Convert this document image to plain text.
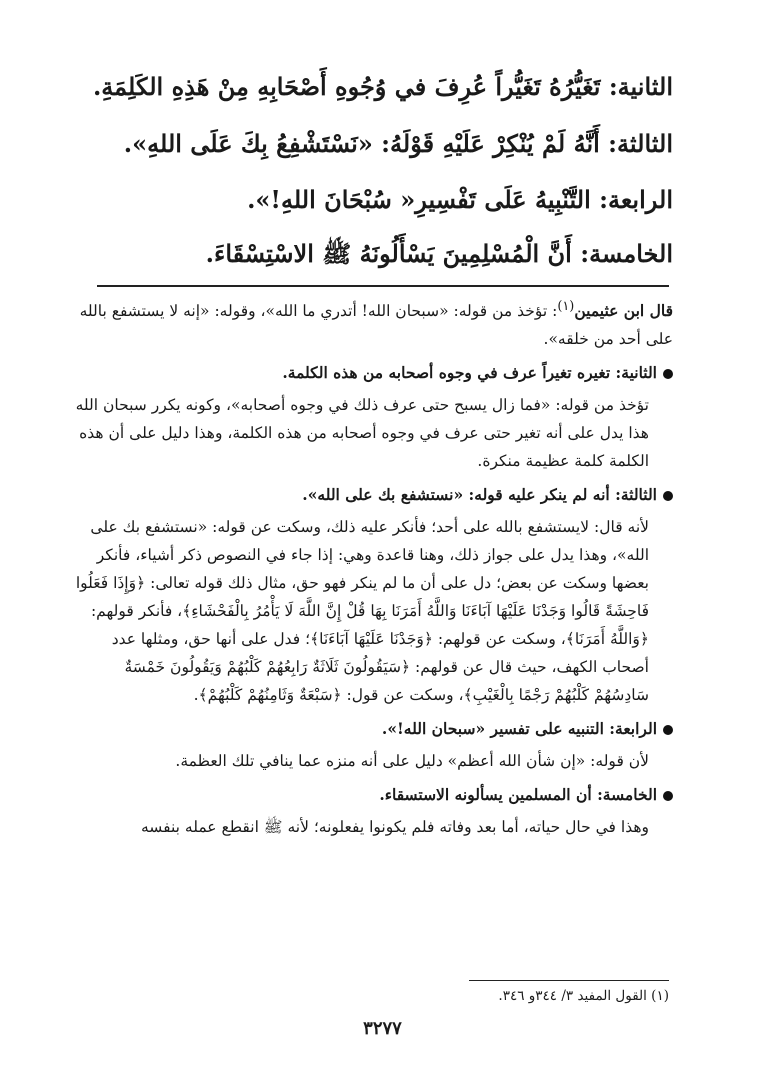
الثانية: تَغَيُّرُهُ تَغَيُّراً عُرِفَ في وُجُوهِ أَصْحَابِهِ مِنْ هَذِهِ الكَلِمَةِ.
الثالثة: أَنَّهُ لَمْ يُنْكِرْ عَلَيْهِ قَوْلَهُ: «نَسْتَشْفِعُ بِكَ عَلَى اللهِ».
الرابعة: التَّنْبِيهُ عَلَى تَفْسِيرِ« سُبْحَانَ اللهِ!».
الخامسة: أَنَّ الْمُسْلِمِينَ يَسْأَلُونَهُ ﷺ الاسْتِسْقَاءَ.

قال ابن عثيمين$^{(١)}$: تؤخذ من قوله: «سبحان الله! أتدري ما الله»، وقوله: «إنه لا يستشفع بالله على أحد من خلقه».

الثانية: تغيره تغيراً عرف في وجوه أصحابه من هذه الكلمة.

تؤخذ من قوله: «فما زال يسبح حتى عرف ذلك في وجوه أصحابه»، وكونه يكرر سبحان الله هذا يدل على أنه تغير حتى عرف في وجوه أصحابه من هذه الكلمة، وهذا دليل على أن هذه الكلمة كلمة عظيمة منكرة.

الثالثة: أنه لم ينكر عليه قوله: «نستشفع بك على الله».

لأنه قال: لايستشفع بالله على أحد؛ فأنكر عليه ذلك، وسكت عن قوله: «نستشفع بك على الله»، وهذا يدل على جواز ذلك، وهنا قاعدة وهي: إذا جاء في النصوص ذكر أشياء، فأنكر بعضها وسكت عن بعض؛ دل على أن ما لم ينكر فهو حق، مثال ذلك قوله تعالى: ﴿وَإِذَا فَعَلُوا فَاحِشَةً قَالُوا وَجَدْنَا عَلَيْهَا آبَاءَنَا وَاللَّهُ أَمَرَنَا بِهَا قُلْ إِنَّ اللَّهَ لَا يَأْمُرُ بِالْفَحْشَاءِ﴾، فأنكر قولهم: ﴿وَاللَّهُ أَمَرَنَا﴾، وسكت عن قولهم: ﴿وَجَدْنَا عَلَيْهَا آبَاءَنَا﴾؛ فدل على أنها حق، ومثلها عدد أصحاب الكهف، حيث قال عن قولهم: ﴿سَيَقُولُونَ ثَلَاثَةٌ رَابِعُهُمْ كَلْبُهُمْ وَيَقُولُونَ خَمْسَةٌ سَادِسُهُمْ كَلْبُهُمْ رَجْمًا بِالْغَيْبِ﴾، وسكت عن قول: ﴿سَبْعَةٌ وَثَامِنُهُمْ كَلْبُهُمْ﴾.

الرابعة: التنبيه على تفسير «سبحان الله!».

لأن قوله: «إن شأن الله أعظم» دليل على أنه منزه عما ينافي تلك العظمة.

الخامسة: أن المسلمين يسألونه الاستسقاء.

وهذا في حال حياته، أما بعد وفاته فلم يكونوا يفعلونه؛ لأنه ﷺ انقطع عمله بنفسه

(١) القول المفيد ٣/ ٣٤٤و ٣٤٦.
٣٢٧٧
